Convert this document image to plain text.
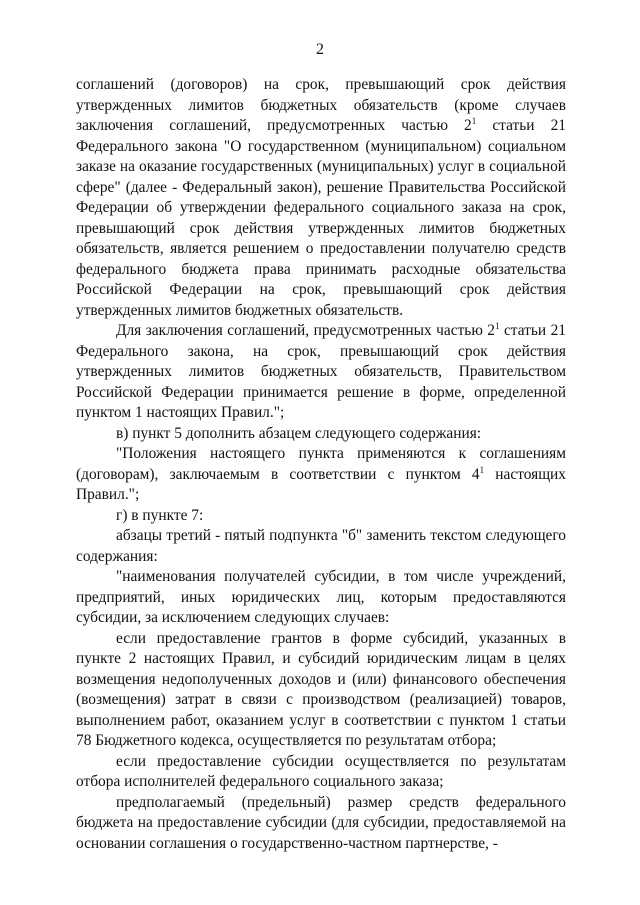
2

соглашений (договоров) на срок, превышающий срок действия утвержденных лимитов бюджетных обязательств (кроме случаев заключения соглашений, предусмотренных частью $2^1$ статьи 21 Федерального закона "О государственном (муниципальном) социальном заказе на оказание государственных (муниципальных) услуг в социальной сфере" (далее - Федеральный закон), решение Правительства Российской Федерации об утверждении федерального социального заказа на срок, превышающий срок действия утвержденных лимитов бюджетных обязательств, является решением о предоставлении получателю средств федерального бюджета права принимать расходные обязательства Российской Федерации на срок, превышающий срок действия утвержденных лимитов бюджетных обязательств.

Для заключения соглашений, предусмотренных частью $2^1$ статьи 21 Федерального закона, на срок, превышающий срок действия утвержденных лимитов бюджетных обязательств, Правительством Российской Федерации принимается решение в форме, определенной пунктом 1 настоящих Правил.";

в) пункт 5 дополнить абзацем следующего содержания:

"Положения настоящего пункта применяются к соглашениям (договорам), заключаемым в соответствии с пунктом $4^1$ настоящих Правил.";

г) в пункте 7:

абзацы третий - пятый подпункта "б" заменить текстом следующего содержания:

"наименования получателей субсидии, в том числе учреждений, предприятий, иных юридических лиц, которым предоставляются субсидии, за исключением следующих случаев:

если предоставление грантов в форме субсидий, указанных в пункте 2 настоящих Правил, и субсидий юридическим лицам в целях возмещения недополученных доходов и (или) финансового обеспечения (возмещения) затрат в связи с производством (реализацией) товаров, выполнением работ, оказанием услуг в соответствии с пунктом 1 статьи 78 Бюджетного кодекса, осуществляется по результатам отбора;

если предоставление субсидии осуществляется по результатам отбора исполнителей федерального социального заказа;

предполагаемый (предельный) размер средств федерального бюджета на предоставление субсидии (для субсидии, предоставляемой на основании соглашения о государственно-частном партнерстве, -
